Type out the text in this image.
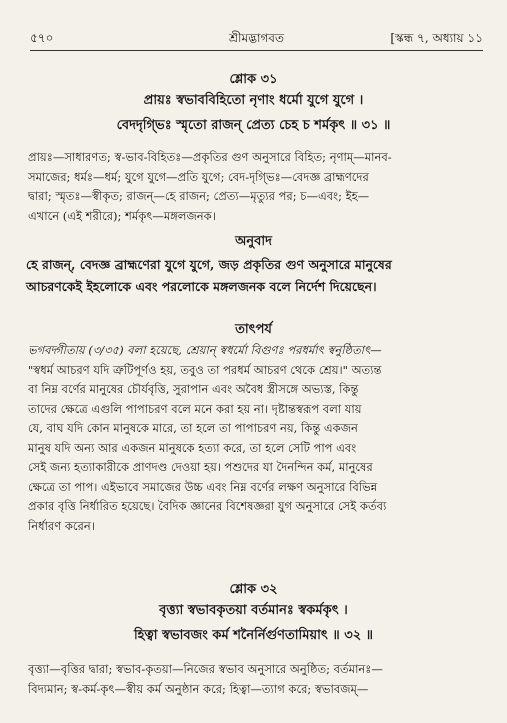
৫৭০	শ্রীমদ্ভাগবত	[স্কন্ধ ৭, অধ্যায় ১১
শ্লোক ৩১
প্রায়ঃ স্বভাববিহিতো নৃণাং ধর্মো যুগে যুগে ।
বেদদৃগ্ভিঃ স্মৃতো রাজন্ প্রেত্য চেহ চ শর্মকৃৎ ॥ ৩১ ॥
প্রায়ঃ—সাধারণত; স্ব-ভাব-বিহিতঃ—প্রকৃতির গুণ অনুসারে বিহিত; নৃণাম্—মানব-
সমাজের; ধর্মঃ—ধর্ম; যুগে যুগে—প্রতি যুগে; বেদ-দৃগ্ভিঃ—বেদজ্ঞ ব্রাহ্মণদের
দ্বারা; স্মৃতঃ—স্বীকৃত; রাজন্—হে রাজন; প্রেত্য—মৃত্যুর পর; চ—এবং; ইহ—
এখানে (এই শরীরে); শর্মকৃৎ—মঙ্গলজনক।
অনুবাদ
হে রাজন্, বেদজ্ঞ ব্রাহ্মণেরা যুগে যুগে, জড় প্রকৃতির গুণ অনুসারে মানুষের
আচরণকেই ইহলোকে এবং পরলোকে মঙ্গলজনক বলে নির্দেশ দিয়েছেন।
তাৎপর্য
ভগবদ্গীতায় (৩/৩৫) বলা হয়েছে, শ্রেয়ান্ স্বধর্মো বিগুণঃ পরধর্মাৎ স্বনুষ্ঠিতাৎ—
"স্বধর্ম আচরণ যদি ত্রুটিপূর্ণও হয়, তবুও তা পরধর্ম আচরণ থেকে শ্রেয়।" অত্যন্ত
বা নিম্ন বর্ণের মানুষের চৌর্যবৃত্তি, সুরাপান এবং অবৈধ স্ত্রীসঙ্গে অভ্যস্ত, কিন্তু
তাদের ক্ষেত্রে এগুলি পাপাচরণ বলে মনে করা হয় না। দৃষ্টান্তস্বরূপ বলা যায়
যে, বাঘ যদি কোন মানুষকে মারে, তা হলে তা পাপাচরণ নয়, কিন্তু একজন
মানুষ যদি অন্য আর একজন মানুষকে হত্যা করে, তা হলে সেটি পাপ এবং
সেই জন্য হত্যাকারীকে প্রাণদণ্ড দেওয়া হয়। পশুদের যা দৈনন্দিন কর্ম, মানুষের
ক্ষেত্রে তা পাপ। এইভাবে সমাজের উচ্চ এবং নিম্ন বর্ণের লক্ষণ অনুসারে বিভিন্ন
প্রকার বৃত্তি নির্ধারিত হয়েছে। বৈদিক জ্ঞানের বিশেষজ্ঞরা যুগ অনুসারে সেই কর্তব্য
নির্ধারণ করেন।
শ্লোক ৩২
বৃত্ত্যা স্বভাবকৃতয়া বর্তমানঃ স্বকর্মকৃৎ ।
হিত্বা স্বভাবজং কর্ম শনৈর্নির্গুণতামিয়াৎ ॥ ৩২ ॥
বৃত্ত্যা—বৃত্তির দ্বারা; স্বভাব-কৃতয়া—নিজের স্বভাব অনুসারে অনুষ্ঠিত; বর্তমানঃ—
বিদ্যমান; স্ব-কর্ম-কৃৎ—স্বীয় কর্ম অনুষ্ঠান করে; হিত্বা—ত্যাগ করে; স্বভাবজম্—
